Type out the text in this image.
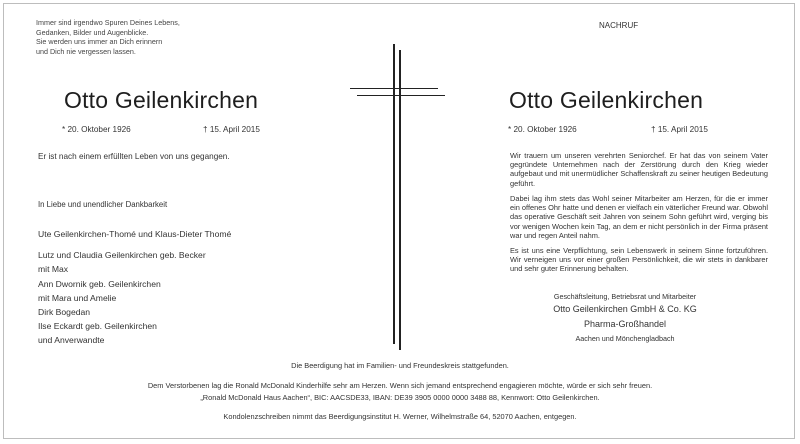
Immer sind irgendwo Spuren Deines Lebens,
Gedanken, Bilder und Augenblicke.
Sie werden uns immer an Dich erinnern
und Dich nie vergessen lassen.
NACHRUF
Otto Geilenkirchen
* 20. Oktober 1926	† 15. April 2015
Er ist nach einem erfüllten Leben von uns gegangen.
In Liebe und unendlicher Dankbarkeit
Ute Geilenkirchen-Thomé und Klaus-Dieter Thomé
Lutz und Claudia Geilenkirchen geb. Becker
mit Max
Ann Dwornik geb. Geilenkirchen
mit Mara und Amelie
Dirk Bogedan
Ilse Eckardt geb. Geilenkirchen
und Anverwandte
Otto Geilenkirchen
* 20. Oktober 1926	† 15. April 2015
Wir trauern um unseren verehrten Seniorchef. Er hat das von seinem Vater gegründete Unternehmen nach der Zerstörung durch den Krieg wieder aufgebaut und mit unermüdlicher Schaffenskraft zu seiner heutigen Bedeutung geführt.
Dabei lag ihm stets das Wohl seiner Mitarbeiter am Herzen, für die er immer ein offenes Ohr hatte und denen er vielfach ein väterlicher Freund war. Obwohl das operative Geschäft seit Jahren von seinem Sohn geführt wird, verging bis vor wenigen Wochen kein Tag, an dem er nicht persönlich in der Firma präsent war und regen Anteil nahm.
Es ist uns eine Verpflichtung, sein Lebenswerk in seinem Sinne fortzuführen. Wir verneigen uns vor einer großen Persönlichkeit, die wir stets in dankbarer und sehr guter Erinnerung behalten.
Geschäftsleitung, Betriebsrat und Mitarbeiter
Otto Geilenkirchen GmbH & Co. KG
Pharma-Großhandel
Aachen und Mönchengladbach
Die Beerdigung hat im Familien- und Freundeskreis stattgefunden.
Dem Verstorbenen lag die Ronald McDonald Kinderhilfe sehr am Herzen. Wenn sich jemand entsprechend engagieren möchte, würde er sich sehr freuen.
„Ronald McDonald Haus Aachen“, BIC: AACSDE33, IBAN: DE39 3905 0000 0000 3488 88, Kennwort: Otto Geilenkirchen.
Kondolenzschreiben nimmt das Beerdigungsinstitut H. Werner, Wilhelmstraße 64, 52070 Aachen, entgegen.
